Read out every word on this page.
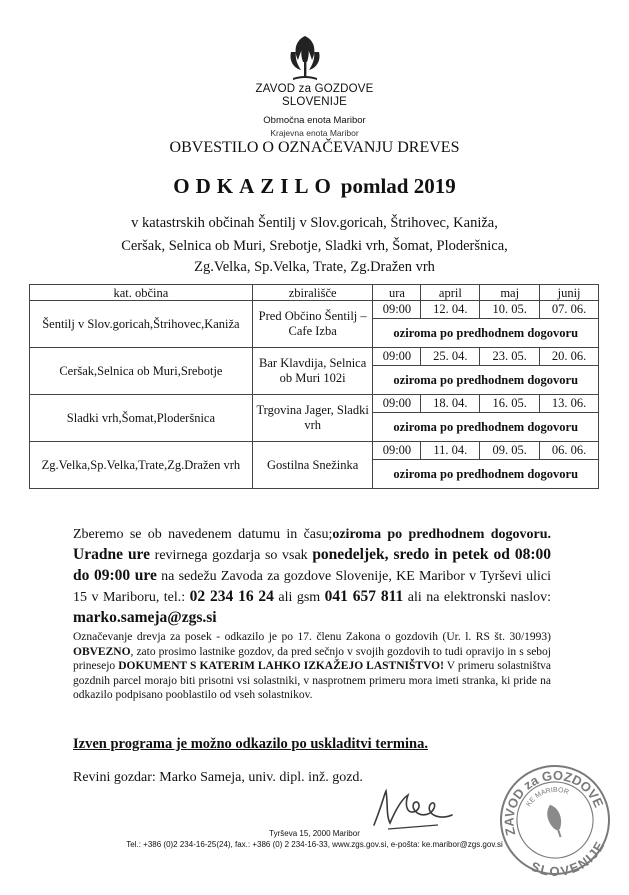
ZAVOD za GOZDOVE
SLOVENIJE
Območna enota Maribor
Krajevna enota Maribor
OBVESTILO O OZNAČEVANJU DREVES
ODKAZILO pomlad 2019
v katastrskih občinah Šentilj v Slov.goricah, Štrihovec, Kaniža,
Ceršak, Selnica ob Muri, Srebotje, Sladki vrh, Šomat, Ploderšnica,
Zg.Velka, Sp.Velka, Trate, Zg.Dražen vrh
kat. občina	zbirališče	ura	april	maj	junij
Šentilj v Slov.goricah,Štrihovec,Kaniža	Pred Občino Šentilj – Cafe Izba	09:00	12. 04.	10. 05.	07. 06.
		oziroma po predhodnem dogovoru			
Ceršak,Selnica ob Muri,Srebotje	Bar Klavdija, Selnica ob Muri 102i	09:00	25. 04.	23. 05.	20. 06.
		oziroma po predhodnem dogovoru			
Sladki vrh,Šomat,Ploderšnica	Trgovina Jager, Sladki vrh	09:00	18. 04.	16. 05.	13. 06.
		oziroma po predhodnem dogovoru			
Zg.Velka,Sp.Velka,Trate,Zg.Dražen vrh	Gostilna Snežinka	09:00	11. 04.	09. 05.	06. 06.
		oziroma po predhodnem dogovoru			
Zberemo se ob navedenem datumu in času;oziroma po predhodnem dogovoru. Uradne ure revirnega gozdarja so vsak ponedeljek, sredo in petek od 08:00 do 09:00 ure na sedežu Zavoda za gozdove Slovenije, KE Maribor v Tyrševi ulici 15 v Mariboru, tel.: 02 234 16 24 ali gsm 041 657 811 ali na elektronski naslov: marko.sameja@zgs.si
Označevanje drevja za posek - odkazilo je po 17. členu Zakona o gozdovih (Ur. l. RS št. 30/1993) OBVEZNO, zato prosimo lastnike gozdov, da pred sečnjo v svojih gozdovih to tudi opravijo in s seboj prinesejo DOKUMENT S KATERIM LAHKO IZKAŽEJO LASTNIŠTVO! V primeru solastništva gozdnih parcel morajo biti prisotni vsi solastniki, v nasprotnem primeru mora imeti stranka, ki pride na odkazilo podpisano pooblastilo od vseh solastnikov.
Izven programa je možno odkazilo po uskladitvi termina.
Revini gozdar: Marko Sameja, univ. dipl. inž. gozd.
ZAVOD za GOZDOVE
KE MARIBOR
SLOVENIJE
Tyrševa 15, 2000 Maribor
Tel.: +386 (0)2 234-16-25(24), fax.: +386 (0) 2 234-16-33, www.zgs.gov.si, e-pošta: ke.maribor@zgs.gov.si
